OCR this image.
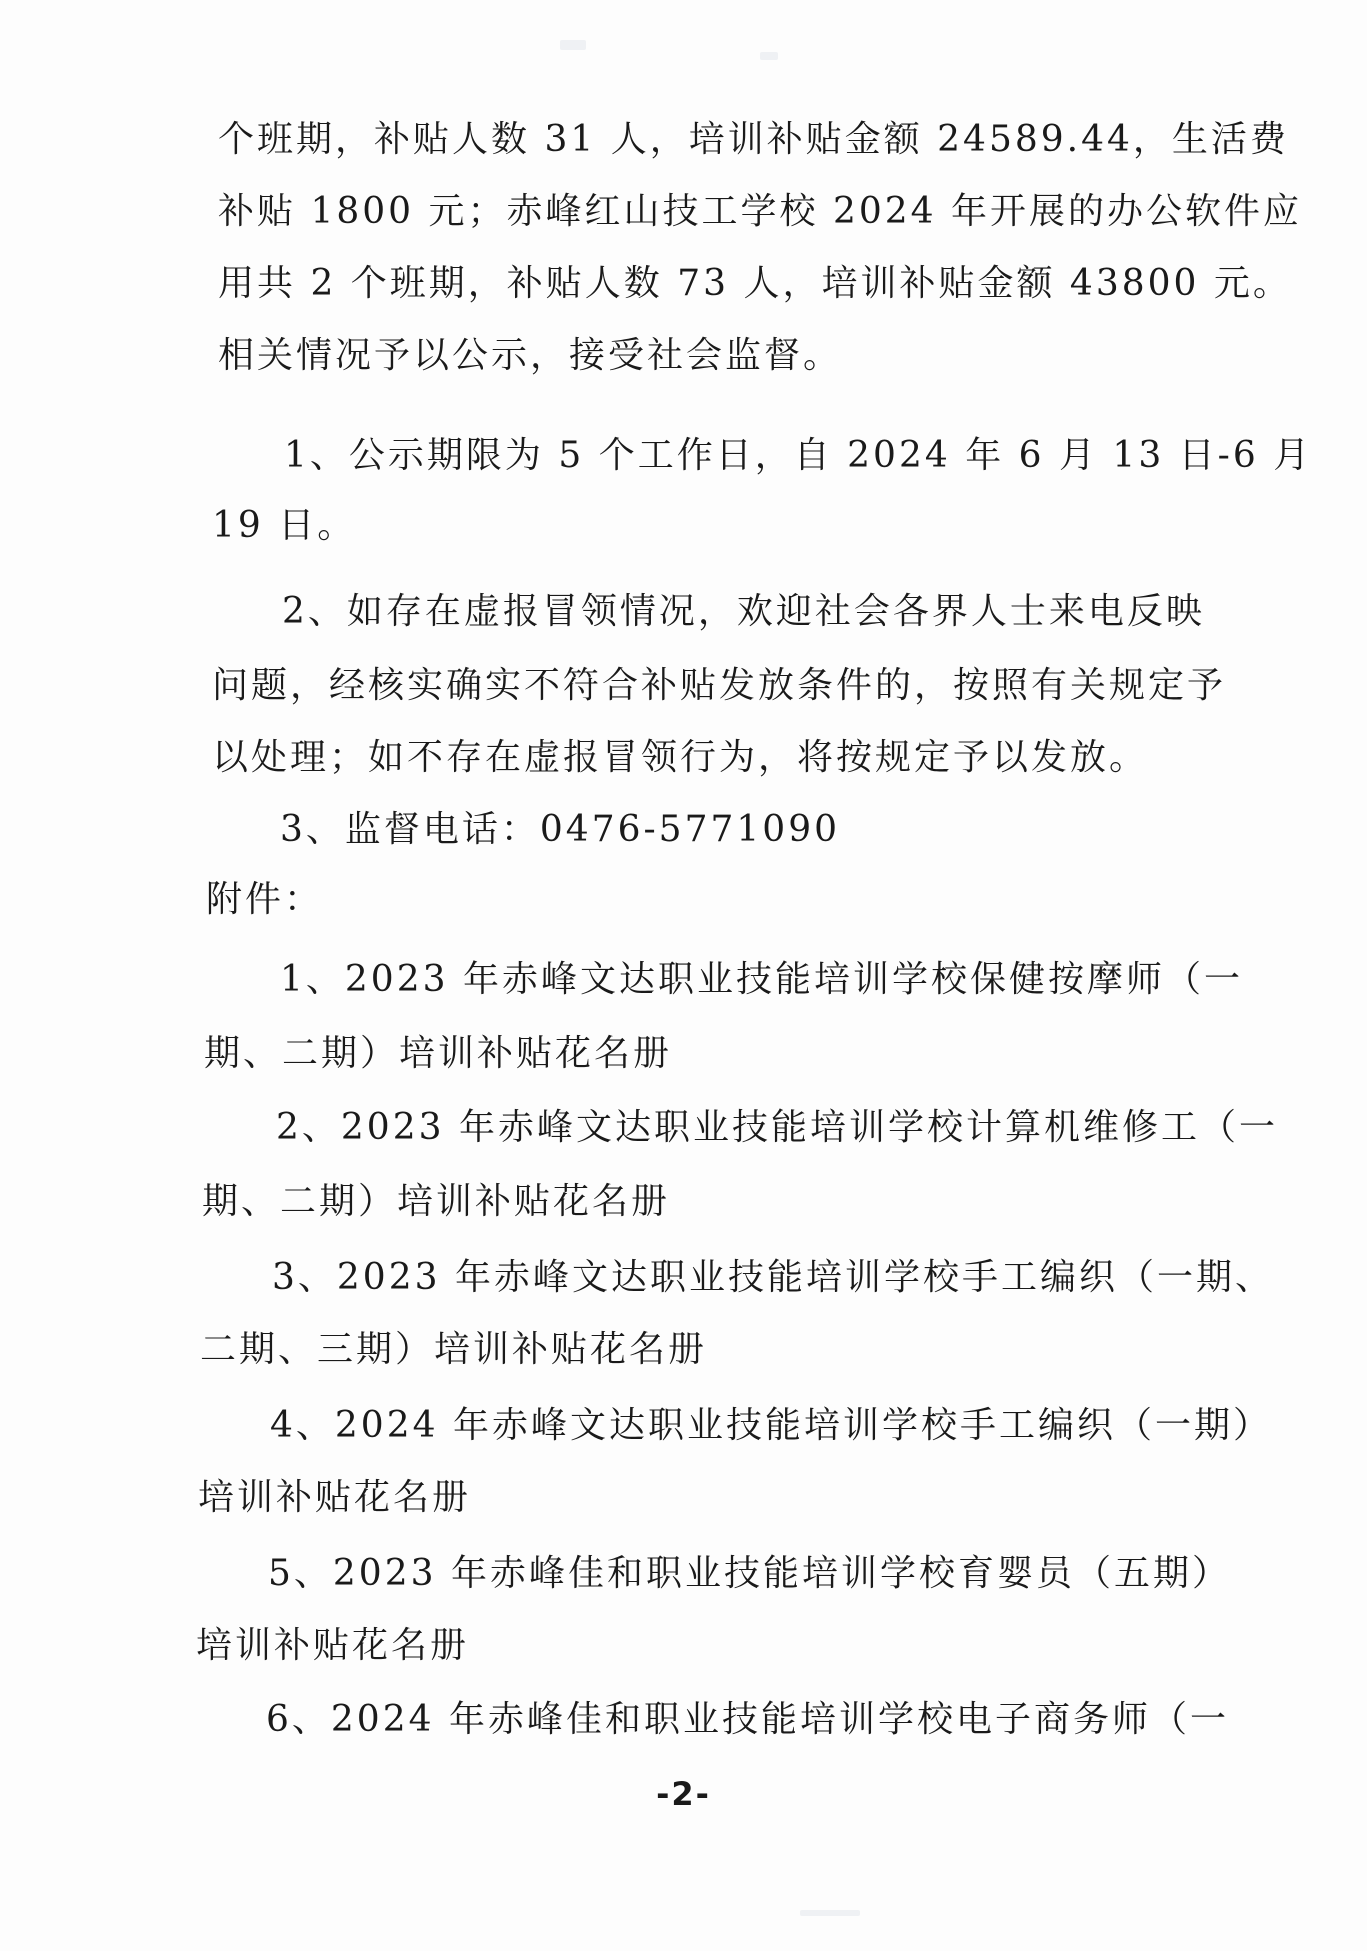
个班期，补贴人数 31 人，培训补贴金额 24589.44，生活费
补贴 1800 元；赤峰红山技工学校 2024 年开展的办公软件应
用共 2 个班期，补贴人数 73 人，培训补贴金额 43800 元。
相关情况予以公示，接受社会监督。
1、公示期限为 5 个工作日，自 2024 年 6 月 13 日-6 月
19 日。
2、如存在虚报冒领情况，欢迎社会各界人士来电反映
问题，经核实确实不符合补贴发放条件的，按照有关规定予
以处理；如不存在虚报冒领行为，将按规定予以发放。
3、监督电话：0476-5771090
附件：
1、2023 年赤峰文达职业技能培训学校保健按摩师（一
期、二期）培训补贴花名册
2、2023 年赤峰文达职业技能培训学校计算机维修工（一
期、二期）培训补贴花名册
3、2023 年赤峰文达职业技能培训学校手工编织（一期、
二期、三期）培训补贴花名册
4、2024 年赤峰文达职业技能培训学校手工编织（一期）
培训补贴花名册
5、2023 年赤峰佳和职业技能培训学校育婴员（五期）
培训补贴花名册
6、2024 年赤峰佳和职业技能培训学校电子商务师（一
-2-
